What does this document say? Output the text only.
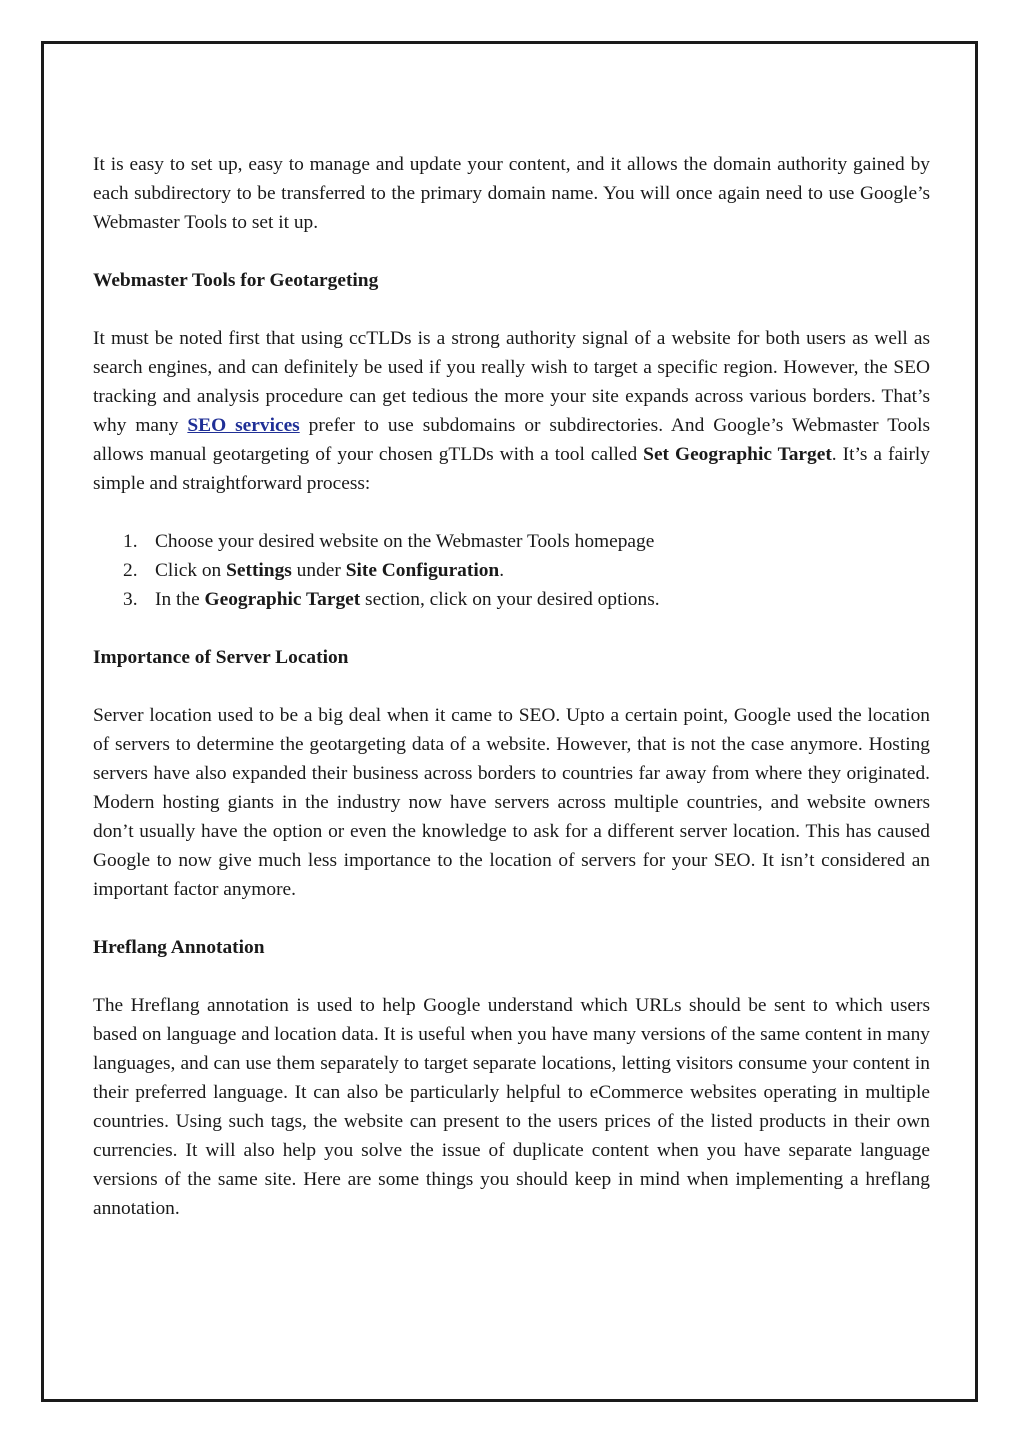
It is easy to set up, easy to manage and update your content, and it allows the domain authority gained by each subdirectory to be transferred to the primary domain name. You will once again need to use Google’s Webmaster Tools to set it up.

Webmaster Tools for Geotargeting

It must be noted first that using ccTLDs is a strong authority signal of a website for both users as well as search engines, and can definitely be used if you really wish to target a specific region. However, the SEO tracking and analysis procedure can get tedious the more your site expands across various borders. That’s why many SEO services prefer to use subdomains or subdirectories. And Google’s Webmaster Tools allows manual geotargeting of your chosen gTLDs with a tool called Set Geographic Target. It’s a fairly simple and straightforward process:

1. Choose your desired website on the Webmaster Tools homepage
2. Click on Settings under Site Configuration.
3. In the Geographic Target section, click on your desired options.

Importance of Server Location

Server location used to be a big deal when it came to SEO. Upto a certain point, Google used the location of servers to determine the geotargeting data of a website. However, that is not the case anymore. Hosting servers have also expanded their business across borders to countries far away from where they originated. Modern hosting giants in the industry now have servers across multiple countries, and website owners don’t usually have the option or even the knowledge to ask for a different server location. This has caused Google to now give much less importance to the location of servers for your SEO. It isn’t considered an important factor anymore.

Hreflang Annotation

The Hreflang annotation is used to help Google understand which URLs should be sent to which users based on language and location data. It is useful when you have many versions of the same content in many languages, and can use them separately to target separate locations, letting visitors consume your content in their preferred language. It can also be particularly helpful to eCommerce websites operating in multiple countries. Using such tags, the website can present to the users prices of the listed products in their own currencies. It will also help you solve the issue of duplicate content when you have separate language versions of the same site. Here are some things you should keep in mind when implementing a hreflang annotation.
